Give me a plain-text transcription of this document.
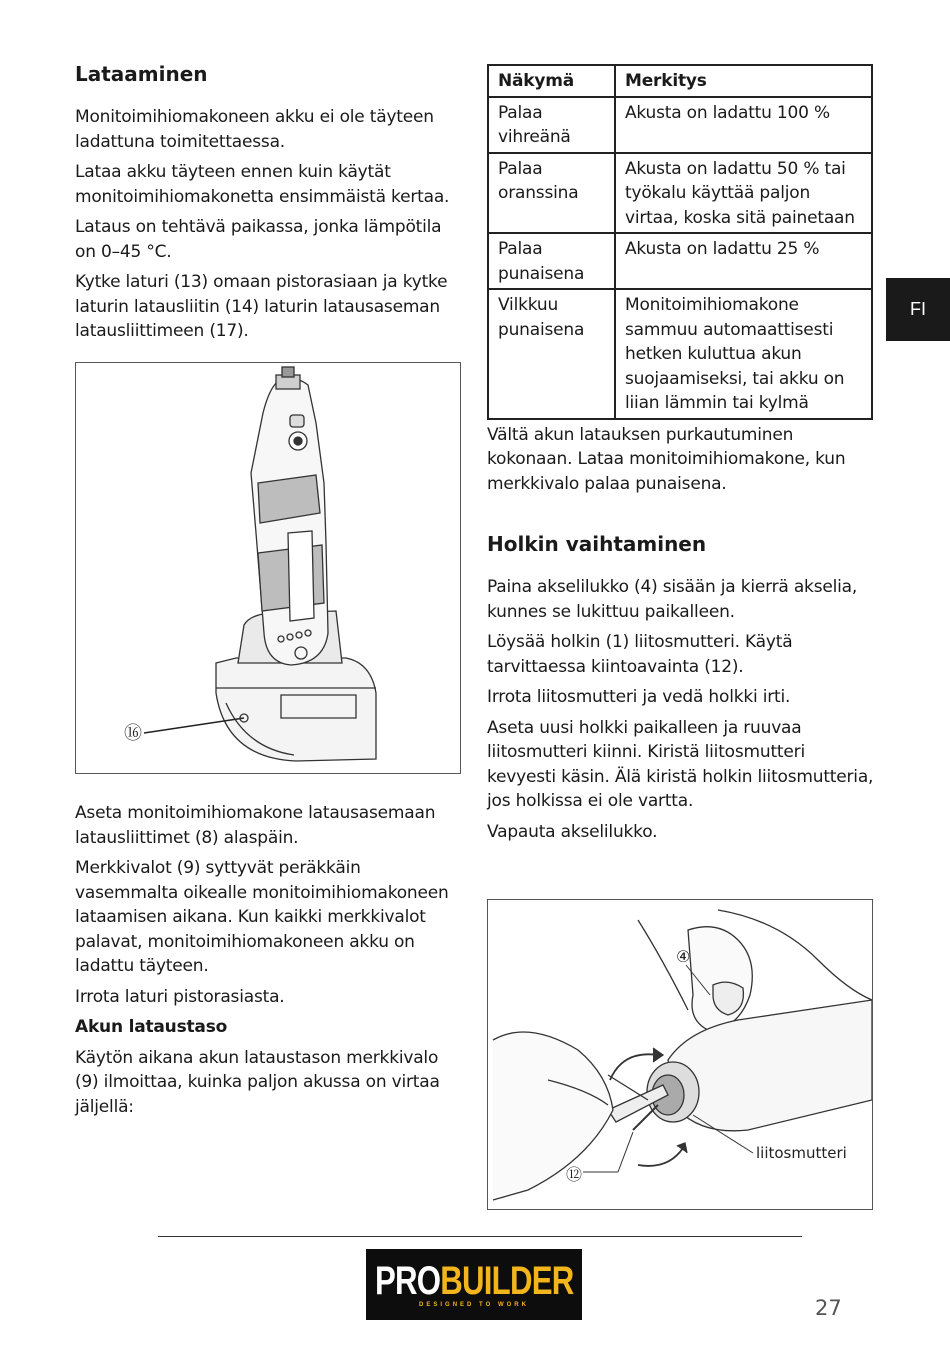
Lataaminen

Monitoimihiomakoneen akku ei ole täyteen ladattuna toimitettaessa.

Lataa akku täyteen ennen kuin käytät monitoimihiomakonetta ensimmäistä kertaa.

Lataus on tehtävä paikassa, jonka lämpötila on 0–45 °C.

Kytke laturi (13) omaan pistorasiaan ja kytke laturin latausliitin (14) laturin latausaseman latausliittimeen (17).

⑯

Aseta monitoimihiomakone latausasemaan latausliittimet (8) alaspäin.

Merkkivalot (9) syttyvät peräkkäin vasemmalta oikealle monitoimihiomakoneen lataamisen aikana. Kun kaikki merkkivalot palavat, monitoimihiomakoneen akku on ladattu täyteen.

Irrota laturi pistorasiasta.

Akun lataustaso

Käytön aikana akun lataustason merkkivalo (9) ilmoittaa, kuinka paljon akussa on virtaa jäljellä:

Näkymä	Merkitys
Palaa vihreänä	Akusta on ladattu 100 %
Palaa oranssina	Akusta on ladattu 50 % tai työkalu käyttää paljon virtaa, koska sitä painetaan
Palaa punaisena	Akusta on ladattu 25 %
Vilkkuu punaisena	Monitoimihiomakone sammuu automaattisesti hetken kuluttua akun suojaamiseksi, tai akku on liian lämmin tai kylmä

Vältä akun latauksen purkautuminen kokonaan. Lataa monitoimihiomakone, kun merkkivalo palaa punaisena.

Holkin vaihtaminen

Paina akselilukko (4) sisään ja kierrä akselia, kunnes se lukittuu paikalleen.

Löysää holkin (1) liitosmutteri. Käytä tarvittaessa kiintoavainta (12).

Irrota liitosmutteri ja vedä holkki irti.

Aseta uusi holkki paikalleen ja ruuvaa liitosmutteri kiinni. Kiristä liitosmutteri kevyesti käsin. Älä kiristä holkin liitosmutteria, jos holkissa ei ole vartta.

Vapauta akselilukko.

④
⑫
liitosmutteri
FI
PROBUILDER
DESIGNED TO WORK	27
